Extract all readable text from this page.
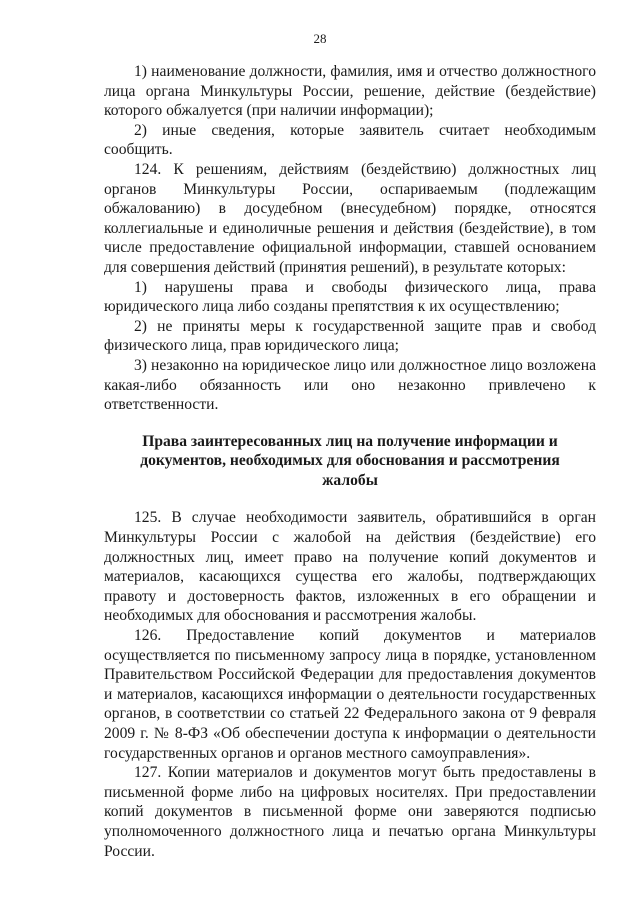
28

1) наименование должности, фамилия, имя и отчество должностного лица органа Минкультуры России, решение, действие (бездействие) которого обжалуется (при наличии информации);

2) иные сведения, которые заявитель считает необходимым сообщить.

124. К решениям, действиям (бездействию) должностных лиц органов Минкультуры России, оспариваемым (подлежащим обжалованию) в досудебном (внесудебном) порядке, относятся коллегиальные и единоличные решения и действия (бездействие), в том числе предоставление официальной информации, ставшей основанием для совершения действий (принятия решений), в результате которых:

1) нарушены права и свободы физического лица, права юридического лица либо созданы препятствия к их осуществлению;

2) не приняты меры к государственной защите прав и свобод физического лица, прав юридического лица;

3) незаконно на юридическое лицо или должностное лицо возложена какая-либо обязанность или оно незаконно привлечено к ответственности.

Права заинтересованных лиц на получение информации и документов, необходимых для обоснования и рассмотрения жалобы

125. В случае необходимости заявитель, обратившийся в орган Минкультуры России с жалобой на действия (бездействие) его должностных лиц, имеет право на получение копий документов и материалов, касающихся существа его жалобы, подтверждающих правоту и достоверность фактов, изложенных в его обращении и необходимых для обоснования и рассмотрения жалобы.

126. Предоставление копий документов и материалов осуществляется по письменному запросу лица в порядке, установленном Правительством Российской Федерации для предоставления документов и материалов, касающихся информации о деятельности государственных органов, в соответствии со статьей 22 Федерального закона от 9 февраля 2009 г. № 8-ФЗ «Об обеспечении доступа к информации о деятельности государственных органов и органов местного самоуправления».

127. Копии материалов и документов могут быть предоставлены в письменной форме либо на цифровых носителях. При предоставлении копий документов в письменной форме они заверяются подписью уполномоченного должностного лица и печатью органа Минкультуры России.
